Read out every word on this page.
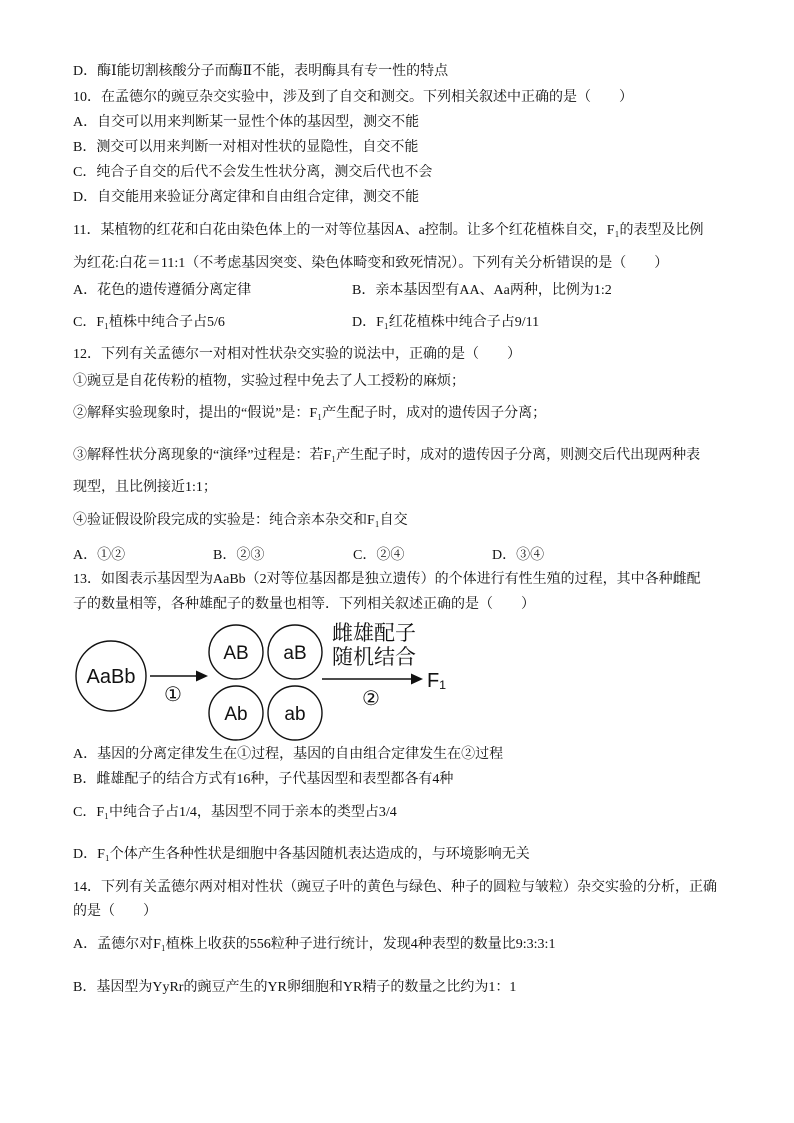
D．酶Ⅰ能切割核酸分子而酶Ⅱ不能，表明酶具有专一性的特点
10．在孟德尔的豌豆杂交实验中，涉及到了自交和测交。下列相关叙述中正确的是（　　）
A．自交可以用来判断某一显性个体的基因型，测交不能
B．测交可以用来判断一对相对性状的显隐性，自交不能
C．纯合子自交的后代不会发生性状分离，测交后代也不会
D．自交能用来验证分离定律和自由组合定律，测交不能
11．某植物的红花和白花由染色体上的一对等位基因A、a控制。让多个红花植株自交，F₁的表型及比例
为红花:白花＝11:1（不考虑基因突变、染色体畸变和致死情况）。下列有关分析错误的是（　　）
A．花色的遗传遵循分离定律	B．亲本基因型有AA、Aa两种，比例为1:2
C．F₁植株中纯合子占5/6	D．F₁红花植株中纯合子占9/11
12．下列有关孟德尔一对相对性状杂交实验的说法中，正确的是（　　）
①豌豆是自花传粉的植物，实验过程中免去了人工授粉的麻烦；
②解释实验现象时，提出的“假说”是：F₁产生配子时，成对的遗传因子分离；
③解释性状分离现象的“演绎”过程是：若F₁产生配子时，成对的遗传因子分离，则测交后代出现两种表
现型，且比例接近1:1；
④验证假设阶段完成的实验是：纯合亲本杂交和F₁自交
A．①②	B．②③	C．②④	D．③④
13．如图表示基因型为AaBb（2对等位基因都是独立遗传）的个体进行有性生殖的过程，其中各种雌配
子的数量相等，各种雄配子的数量也相等．下列相关叙述正确的是（　　）
AaBb
①
AB aB
Ab ab
雌雄配子
随机结合
②
F₁
A．基因的分离定律发生在①过程，基因的自由组合定律发生在②过程
B．雌雄配子的结合方式有16种，子代基因型和表型都各有4种
C．F₁中纯合子占1/4，基因型不同于亲本的类型占3/4
D．F₁个体产生各种性状是细胞中各基因随机表达造成的，与环境影响无关
14．下列有关孟德尔两对相对性状（豌豆子叶的黄色与绿色、种子的圆粒与皱粒）杂交实验的分析，正确
的是（　　）
A．孟德尔对F₁植株上收获的556粒种子进行统计，发现4种表型的数量比9:3:3:1
B．基因型为YyRr的豌豆产生的YR卵细胞和YR精子的数量之比约为1：1
